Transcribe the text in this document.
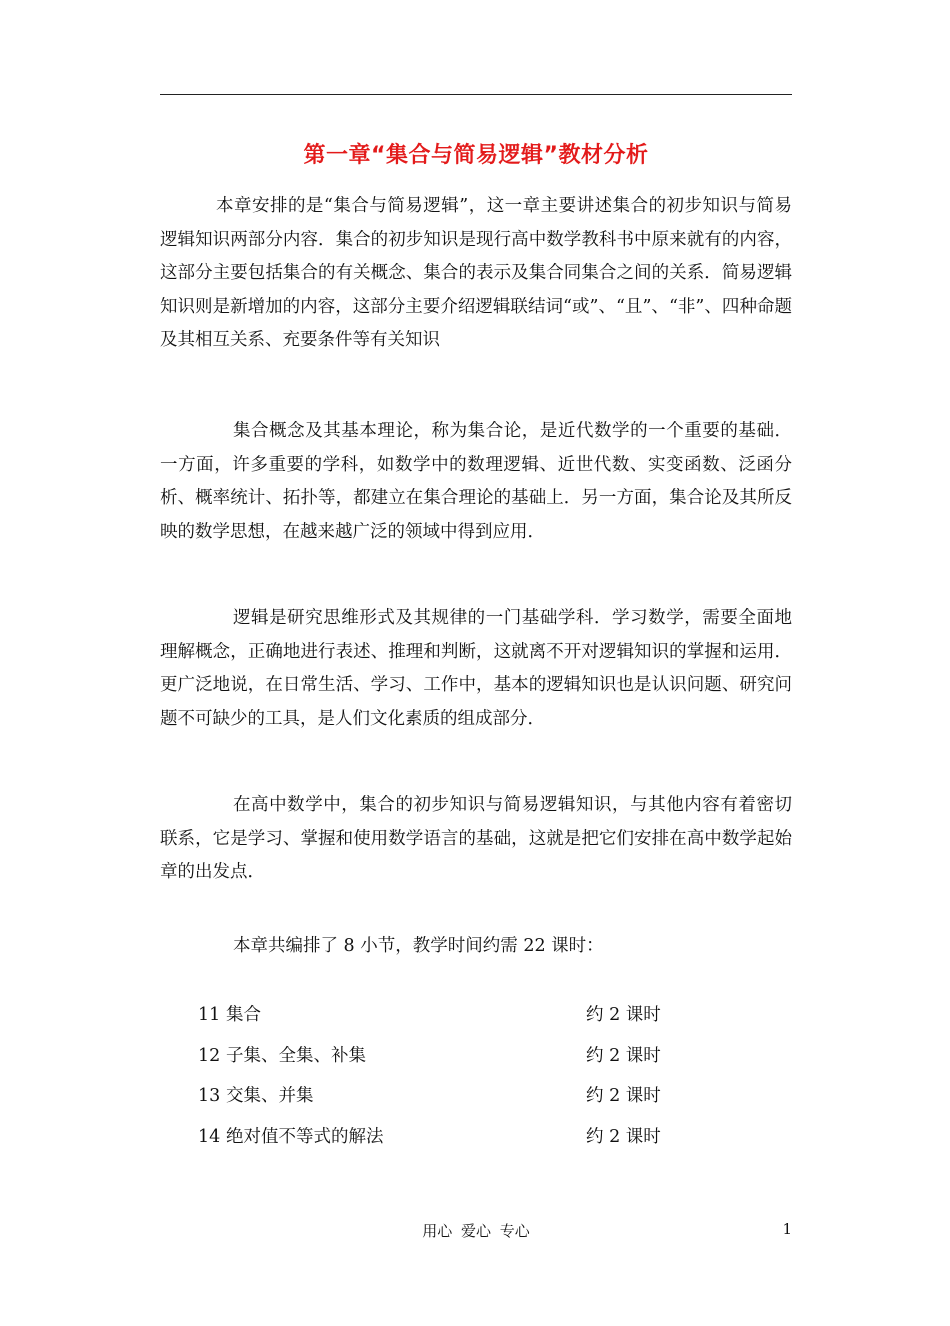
第一章“集合与简易逻辑”教材分析
本章安排的是“集合与简易逻辑”，这一章主要讲述集合的初步知识与简易逻辑知识两部分内容．集合的初步知识是现行高中数学教科书中原来就有的内容，这部分主要包括集合的有关概念、集合的表示及集合同集合之间的关系．简易逻辑知识则是新增加的内容，这部分主要介绍逻辑联结词“或”、“且”、“非”、四种命题及其相互关系、充要条件等有关知识
集合概念及其基本理论，称为集合论，是近代数学的一个重要的基础．一方面，许多重要的学科，如数学中的数理逻辑、近世代数、实变函数、泛函分析、概率统计、拓扑等，都建立在集合理论的基础上．另一方面，集合论及其所反映的数学思想，在越来越广泛的领域中得到应用．
逻辑是研究思维形式及其规律的一门基础学科．学习数学，需要全面地理解概念，正确地进行表述、推理和判断，这就离不开对逻辑知识的掌握和运用．更广泛地说，在日常生活、学习、工作中，基本的逻辑知识也是认识问题、研究问题不可缺少的工具，是人们文化素质的组成部分．
在高中数学中，集合的初步知识与简易逻辑知识，与其他内容有着密切联系，它是学习、掌握和使用数学语言的基础，这就是把它们安排在高中数学起始章的出发点．
本章共编排了 8 小节，教学时间约需 22 课时：
11 集合	约 2 课时
12 子集、全集、补集	约 2 课时
13 交集、并集	约 2 课时
14 绝对值不等式的解法	约 2 课时
用心 爱心 专心	1
